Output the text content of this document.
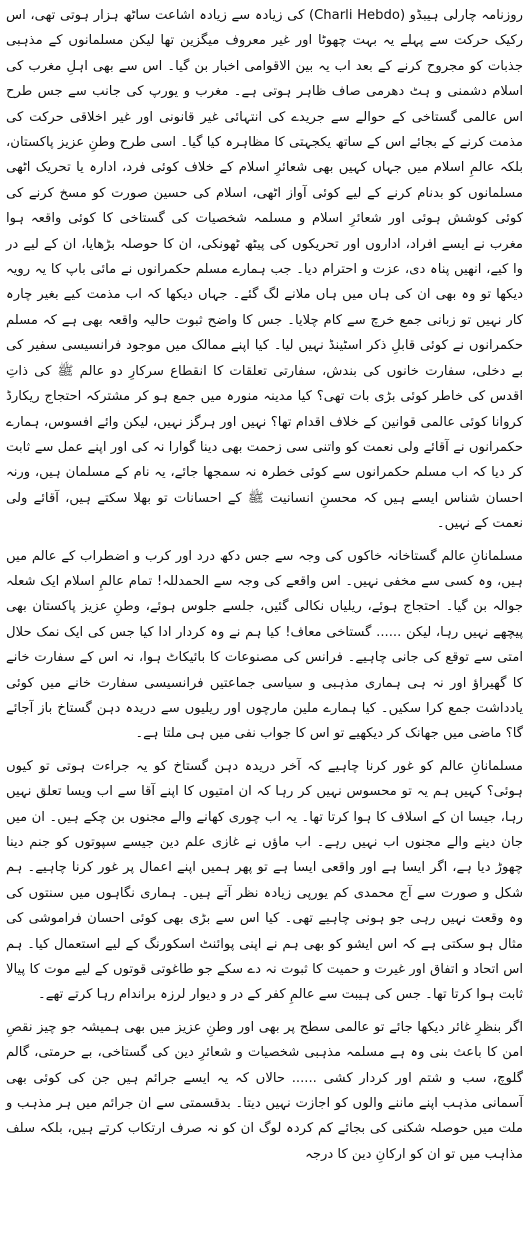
روزنامہ چارلی ہیبڈو (Charli Hebdo) کی زیادہ سے زیادہ اشاعت ساٹھ ہزار ہوتی تھی، اس رکیک حرکت سے پہلے یہ بہت چھوٹا اور غیر معروف میگزین تھا لیکن مسلمانوں کے مذہبی جذبات کو مجروح کرنے کے بعد اب یہ بین الاقوامی اخبار بن گیا۔ اس سے بھی اہلِ مغرب کی اسلام دشمنی و ہٹ دھرمی صاف ظاہر ہوتی ہے۔ مغرب و یورپ کی جانب سے جس طرح اس عالمی گستاخی کے حوالے سے جریدے کی انتہائی غیر قانونی اور غیر اخلاقی حرکت کی مذمت کرنے کے بجائے اس کے ساتھ یکجہتی کا مظاہرہ کیا گیا۔ اسی طرح وطنِ عزیز پاکستان، بلکہ عالمِ اسلام میں جہاں کہیں بھی شعائرِ اسلام کے خلاف کوئی فرد، ادارہ یا تحریک اٹھی مسلمانوں کو بدنام کرنے کے لیے کوئی آواز اٹھی، اسلام کی حسین صورت کو مسخ کرنے کی کوئی کوشش ہوئی اور شعائرِ اسلام و مسلمہ شخصیات کی گستاخی کا کوئی واقعہ ہوا مغرب نے ایسے افراد، اداروں اور تحریکوں کی پیٹھ ٹھونکی، ان کا حوصلہ بڑھایا، ان کے لیے در وا کیے، انھیں پناہ دی، عزت و احترام دیا۔ جب ہمارے مسلم حکمرانوں نے مائی باپ کا یہ رویہ دیکھا تو وہ بھی ان کی ہاں میں ہاں ملانے لگ گئے۔ جہاں دیکھا کہ اب مذمت کیے بغیر چارہ کار نہیں تو زبانی جمع خرچ سے کام چلایا۔ جس کا واضح ثبوت حالیہ واقعہ بھی ہے کہ مسلم حکمرانوں نے کوئی قابلِ ذکر اسٹینڈ نہیں لیا۔ کیا اپنے ممالک میں موجود فرانسیسی سفیر کی بے دخلی، سفارت خانوں کی بندش، سفارتی تعلقات کا انقطاع سرکارِ دو عالم ﷺ کی ذاتِ اقدس کی خاطر کوئی بڑی بات تھی؟ کیا مدینہ منورہ میں جمع ہو کر مشترکہ احتجاج ریکارڈ کروانا کوئی عالمی قوانین کے خلاف اقدام تھا؟ نہیں اور ہرگز نہیں، لیکن وائے افسوس، ہمارے حکمرانوں نے آقائے ولی نعمت کو واتنی سی زحمت بھی دینا گوارا نہ کی اور اپنے عمل سے ثابت کر دیا کہ اب مسلم حکمرانوں سے کوئی خطرہ نہ سمجھا جائے، یہ نام کے مسلمان ہیں، ورنہ احسان شناس ایسے ہیں کہ محسنِ انسانیت ﷺ کے احسانات تو بھلا سکتے ہیں، آقائے ولی نعمت کے نہیں۔

مسلمانانِ عالم گستاخانہ خاکوں کی وجہ سے جس دکھ درد اور کرب و اضطراب کے عالم میں ہیں، وہ کسی سے مخفی نہیں۔ اس واقعے کی وجہ سے الحمدللہ! تمام عالمِ اسلام ایک شعلہ جوالہ بن گیا۔ احتجاج ہوئے، ریلیاں نکالی گئیں، جلسے جلوس ہوئے، وطنِ عزیز پاکستان بھی پیچھے نہیں رہا، لیکن ...... گستاخی معاف! کیا ہم نے وہ کردار ادا کیا جس کی ایک نمک حلال امتی سے توقع کی جانی چاہیے۔ فرانس کی مصنوعات کا بائیکاٹ ہوا، نہ اس کے سفارت خانے کا گھیراؤ اور نہ ہی ہماری مذہبی و سیاسی جماعتیں فرانسیسی سفارت خانے میں کوئی یادداشت جمع کرا سکیں۔ کیا ہمارے ملین مارچوں اور ریلیوں سے دریدہ دہن گستاخ باز آجائے گا؟ ماضی میں جھانک کر دیکھیے تو اس کا جواب نفی میں ہی ملتا ہے۔

مسلمانانِ عالم کو غور کرنا چاہیے کہ آخر دریدہ دہن گستاخ کو یہ جراءت ہوتی تو کیوں ہوئی؟ کہیں ہم یہ تو محسوس نہیں کر رہا کہ ان امتیوں کا اپنے آقا سے اب ویسا تعلق نہیں رہا، جیسا ان کے اسلاف کا ہوا کرتا تھا۔ یہ اب چوری کھانے والے مجنوں بن چکے ہیں۔ ان میں جان دینے والے مجنوں اب نہیں رہے۔ اب ماؤں نے غازی علم دین جیسے سپوتوں کو جنم دینا چھوڑ دیا ہے، اگر ایسا ہے اور واقعی ایسا ہے تو پھر ہمیں اپنے اعمال پر غور کرنا چاہیے۔ ہم شکل و صورت سے آج محمدی کم یورپی زیادہ نظر آتے ہیں۔ ہماری نگاہوں میں سنتوں کی وہ وقعت نہیں رہی جو ہونی چاہیے تھی۔ کیا اس سے بڑی بھی کوئی احسان فراموشی کی مثال ہو سکتی ہے کہ اس ایشو کو بھی ہم نے اپنی پوائنٹ اسکورنگ کے لیے استعمال کیا۔ ہم اس اتحاد و اتفاق اور غیرت و حمیت کا ثبوت نہ دے سکے جو طاغوتی قوتوں کے لیے موت کا پیالا ثابت ہوا کرتا تھا۔ جس کی ہیبت سے عالمِ کفر کے در و دیوار لرزہ براندام رہا کرتے تھے۔

اگر بنظرِ غائر دیکھا جائے تو عالمی سطح پر بھی اور وطنِ عزیز میں بھی ہمیشہ جو چیز نقصِ امن کا باعث بنی وہ ہے مسلمہ مذہبی شخصیات و شعائرِ دین کی گستاخی، بے حرمتی، گالم گلوچ، سب و شتم اور کردار کشی ...... حالاں کہ یہ ایسے جرائم ہیں جن کی کوئی بھی آسمانی مذہب اپنے ماننے والوں کو اجازت نہیں دیتا۔ بدقسمتی سے ان جرائم میں ہر مذہب و ملت میں حوصلہ شکنی کی بجائے کم کردہ لوگ ان کو نہ صرف ارتکاب کرتے ہیں، بلکہ سلف مذاہب میں تو ان کو ارکانِ دین کا درجہ
